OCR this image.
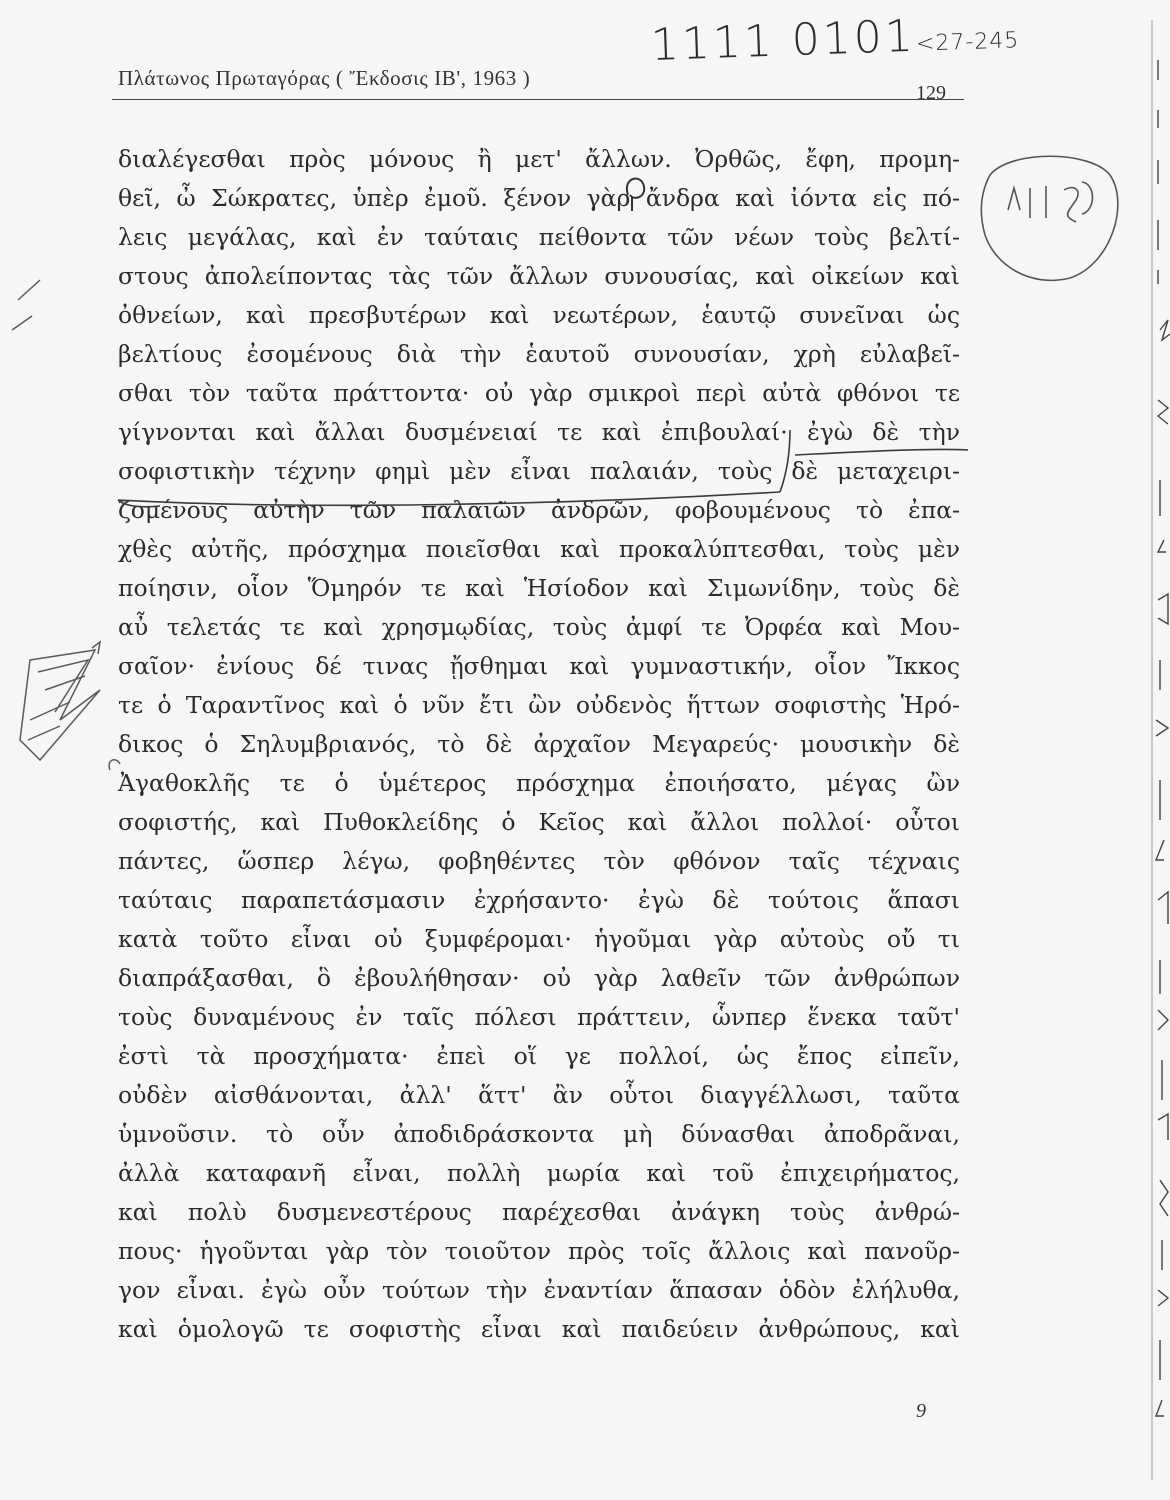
Πλάτωνος Πρωταγόρας ( Ἔκδοσις ΙΒ', 1963 )
129
1111 0101<27-245
διαλέγεσθαι πρὸς μόνους ἢ μετ' ἄλλων. Ὀρθῶς, ἔφη, προμη-
θεῖ, ὦ Σώκρατες, ὑπὲρ ἐμοῦ. ξένον γὰρ ἄνδρα καὶ ἰόντα εἰς πό-
λεις μεγάλας, καὶ ἐν ταύταις πείθοντα τῶν νέων τοὺς βελτί-
στους ἀπολείποντας τὰς τῶν ἄλλων συνουσίας, καὶ οἰκείων καὶ
ὀθνείων, καὶ πρεσβυτέρων καὶ νεωτέρων, ἑαυτῷ συνεῖναι ὡς
βελτίους ἐσομένους διὰ τὴν ἑαυτοῦ συνουσίαν, χρὴ εὐλαβεῖ-
σθαι τὸν ταῦτα πράττοντα· οὐ γὰρ σμικροὶ περὶ αὐτὰ φθόνοι τε
γίγνονται καὶ ἄλλαι δυσμένειαί τε καὶ ἐπιβουλαί· ἐγὼ δὲ τὴν
σοφιστικὴν τέχνην φημὶ μὲν εἶναι παλαιάν, τοὺς δὲ μεταχειρι-
ζομένους αὐτὴν τῶν παλαιῶν ἀνδρῶν, φοβουμένους τὸ ἐπα-
χθὲς αὐτῆς, πρόσχημα ποιεῖσθαι καὶ προκαλύπτεσθαι, τοὺς μὲν
ποίησιν, οἷον Ὅμηρόν τε καὶ Ἡσίοδον καὶ Σιμωνίδην, τοὺς δὲ
αὖ τελετάς τε καὶ χρησμῳδίας, τοὺς ἀμφί τε Ὀρφέα καὶ Μου-
σαῖον· ἐνίους δέ τινας ᾔσθημαι καὶ γυμναστικήν, οἷον Ἴκκος
τε ὁ Ταραντῖνος καὶ ὁ νῦν ἔτι ὢν οὐδενὸς ἥττων σοφιστὴς Ἡρό-
δικος ὁ Σηλυμβριανός, τὸ δὲ ἀρχαῖον Μεγαρεύς· μουσικὴν δὲ
Ἀγαθοκλῆς τε ὁ ὑμέτερος πρόσχημα ἐποιήσατο, μέγας ὢν
σοφιστής, καὶ Πυθοκλείδης ὁ Κεῖος καὶ ἄλλοι πολλοί· οὗτοι
πάντες, ὥσπερ λέγω, φοβηθέντες τὸν φθόνον ταῖς τέχναις
ταύταις παραπετάσμασιν ἐχρήσαντο· ἐγὼ δὲ τούτοις ἅπασι
κατὰ τοῦτο εἶναι οὐ ξυμφέρομαι· ἡγοῦμαι γὰρ αὐτοὺς οὔ τι
διαπράξασθαι, ὃ ἐβουλήθησαν· οὐ γὰρ λαθεῖν τῶν ἀνθρώπων
τοὺς δυναμένους ἐν ταῖς πόλεσι πράττειν, ὧνπερ ἕνεκα ταῦτ'
ἐστὶ τὰ προσχήματα· ἐπεὶ οἵ γε πολλοί, ὡς ἔπος εἰπεῖν,
οὐδὲν αἰσθάνονται, ἀλλ' ἅττ' ἂν οὗτοι διαγγέλλωσι, ταῦτα
ὑμνοῦσιν. τὸ οὖν ἀποδιδράσκοντα μὴ δύνασθαι ἀποδρᾶναι,
ἀλλὰ καταφανῆ εἶναι, πολλὴ μωρία καὶ τοῦ ἐπιχειρήματος,
καὶ πολὺ δυσμενεστέρους παρέχεσθαι ἀνάγκη τοὺς ἀνθρώ-
πους· ἡγοῦνται γὰρ τὸν τοιοῦτον πρὸς τοῖς ἄλλοις καὶ πανοῦρ-
γον εἶναι. ἐγὼ οὖν τούτων τὴν ἐναντίαν ἅπασαν ὁδὸν ἐλήλυθα,
καὶ ὁμολογῶ τε σοφιστὴς εἶναι καὶ παιδεύειν ἀνθρώπους, καὶ
9
